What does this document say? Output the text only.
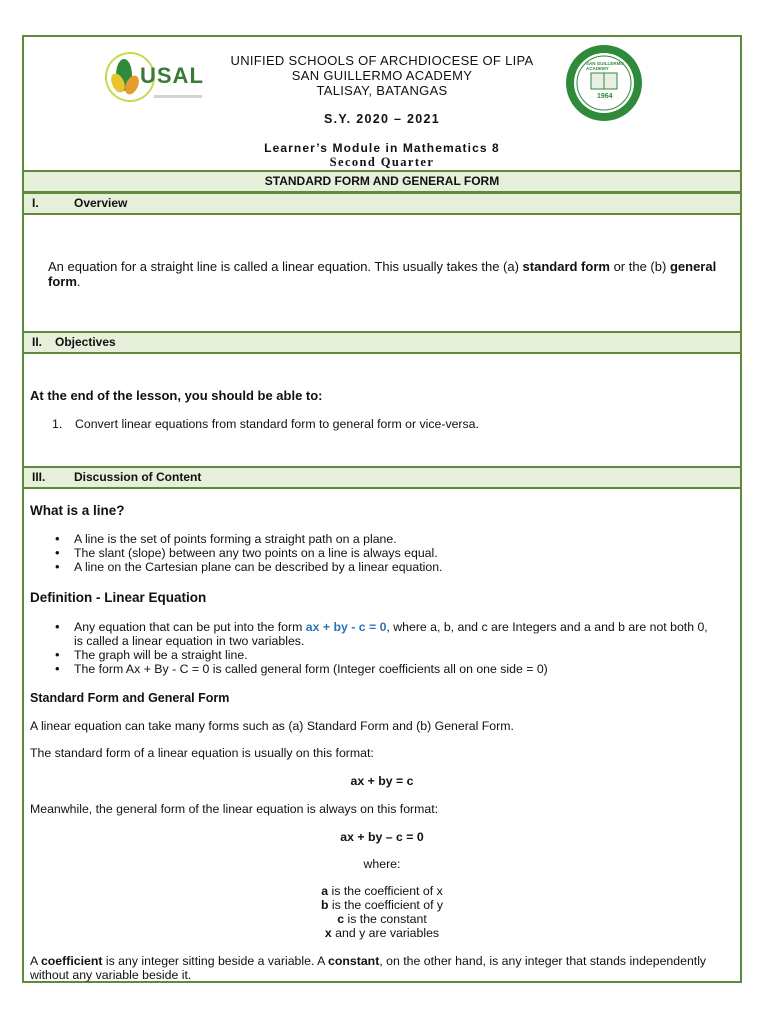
USAL	SAN GUILLERMO ACADEMY
1964
UNIFIED SCHOOLS OF ARCHDIOCESE OF LIPA
SAN GUILLERMO ACADEMY
TALISAY, BATANGAS
S.Y. 2020 – 2021
Learner’s Module in Mathematics 8
Second Quarter
STANDARD FORM AND GENERAL FORM
I.	Overview
An equation for a straight line is called a linear equation. This usually takes the (a) standard form or the (b) general form.
II. Objectives
At the end of the lesson, you should be able to:
1. Convert linear equations from standard form to general form or vice-versa.
III. Discussion of Content
What is a line?
• A line is the set of points forming a straight path on a plane.
• The slant (slope) between any two points on a line is always equal.
• A line on the Cartesian plane can be described by a linear equation.
Definition - Linear Equation
• Any equation that can be put into the form ax + by - c = 0, where a, b, and c are Integers and a and b are not both 0, is called a linear equation in two variables.
• The graph will be a straight line.
• The form Ax + By - C = 0 is called general form (Integer coefficients all on one side = 0)
Standard Form and General Form
A linear equation can take many forms such as (a) Standard Form and (b) General Form.
The standard form of a linear equation is usually on this format:
ax + by = c
Meanwhile, the general form of the linear equation is always on this format:
ax + by – c = 0
where:
a is the coefficient of x
b is the coefficient of y
c is the constant
x and y are variables
A coefficient is any integer sitting beside a variable. A constant, on the other hand, is any integer that stands independently without any variable beside it.
